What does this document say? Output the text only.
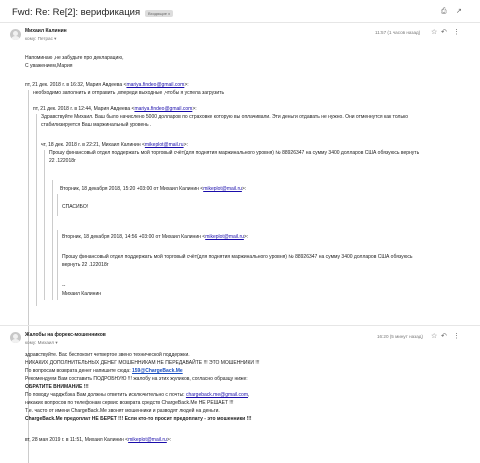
Fwd: Re: Re[2]: верификация	Входящие x	⎙ ↗
Михаил Калинин
кому: Петрас ▾
11:57 (1 часов назад) ☆ ↶ ⋮
Напоминаю ,не забудьте про декларацию,
С уважением,Мария
пт, 21 дек. 2018 г. в 16:32, Мария Авдеева <mariya.findeo@gmail.com>:
необходимо заполнить и отправить ,впереди выходные ,чтобы я успела загрузить
пт, 21 дек. 2018 г. в 12:44, Мария Авдеева <mariya.findeo@gmail.com>:
Здравствуйте Михаил. Ваш было начислено 5000 долларов по страховке которую вы оплачивали. Эти деньги отдавать не нужно. Они отменнутся как только
стабилизируется Ваш маржинальный уровень .
чт, 18 дек. 2018 г. в 22:21, Михаил Калинин <mikeplot@mail.ru>:
Прошу финансовый отдел поддержать мой торговый счёт(для поднятия маржинального уровня) № 88926347 на сумму 3400 долларов США обязуюсь вернуть
22 .122018г
Вторник, 18 декабря 2018, 15:20 +03:00 от Михаил Калинин <mikeplot@mail.ru>:
СПАСИБО!
Вторник, 18 декабря 2018, 14:56 +03:00 от Михаил Калинин <mikeplot@mail.ru>:
Прошу финансовый отдел поддержать мой торговый счёт(для поднятия маржинального уровня) № 88926347 на сумму 3400 долларов США обязуюсь
вернуть 22 .122018г
--
Михаил Калинин
Жалобы на форекс-мошенников
кому: Михаил ▾
16:20 (5 минут назад) ☆ ↶ ⋮
здравствуйте. Вас беспокоит четвертое звено технической поддержки.
НИКАКИХ ДОПОЛНИТЕЛЬНЫХ ДЕНЕГ МОШЕННИКАМ НЕ ПЕРЕДАВАЙТЕ !!! ЭТО МОШЕННИКИ !!!
По вопросам возврата денег напишите сюда: 159@ChargeBack.Me
Рекомендуем Вам составить ПОДРОБНУЮ !!! жалобу на этих жуликов, согласно образцу ниже:
ОБРАТИТЕ ВНИМАНИЕ !!!
По поводу чарджбэка Вам должны ответить исключительно с почты: chargeback.me@gmail.com,
никаких вопросов по телефонам сервис возврата средств ChargeBack.Me НЕ РЕШАЕТ !!!
Т.е. часто от имени ChargeBack.Me звонят мошенники и разводят людей на деньги.
ChargeBack.Me предоплат НЕ БЕРЕТ !!! Если кто-то просит предоплату - это мошенники !!!
вт, 28 мая 2019 г. в 11:51, Михаил Калинин <mikeplot@mail.ru>:
